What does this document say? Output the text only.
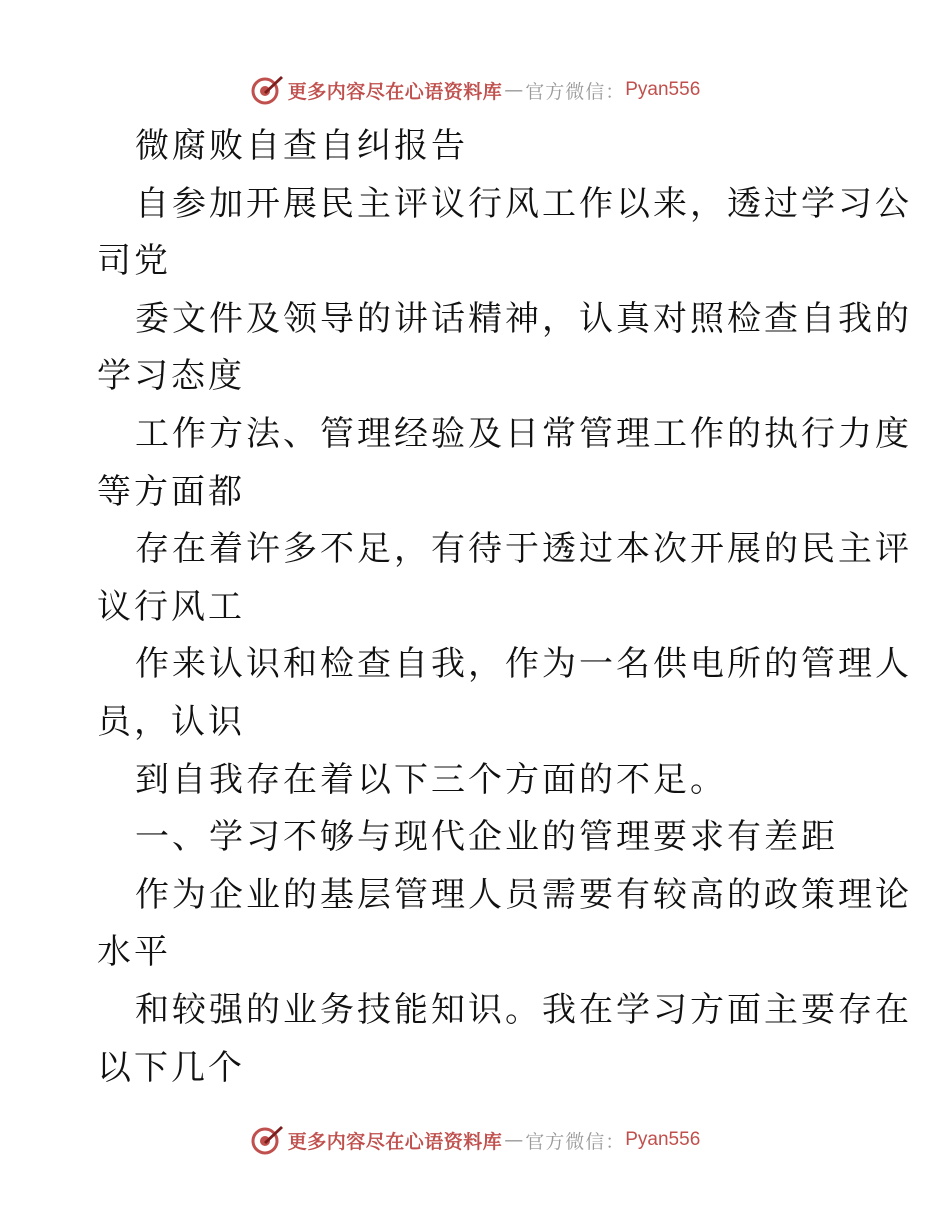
更多内容尽在心语资料库 — 官方微信： Pyan556

微腐败自查自纠报告

自参加开展民主评议行风工作以来，透过学习公

司党

委文件及领导的讲话精神，认真对照检查自我的

学习态度

工作方法、管理经验及日常管理工作的执行力度

等方面都

存在着许多不足，有待于透过本次开展的民主评

议行风工

作来认识和检查自我，作为一名供电所的管理人

员，认识

到自我存在着以下三个方面的不足。

一、学习不够与现代企业的管理要求有差距

作为企业的基层管理人员需要有较高的政策理论

水平

和较强的业务技能知识。我在学习方面主要存在

以下几个

更多内容尽在心语资料库 — 官方微信： Pyan556
